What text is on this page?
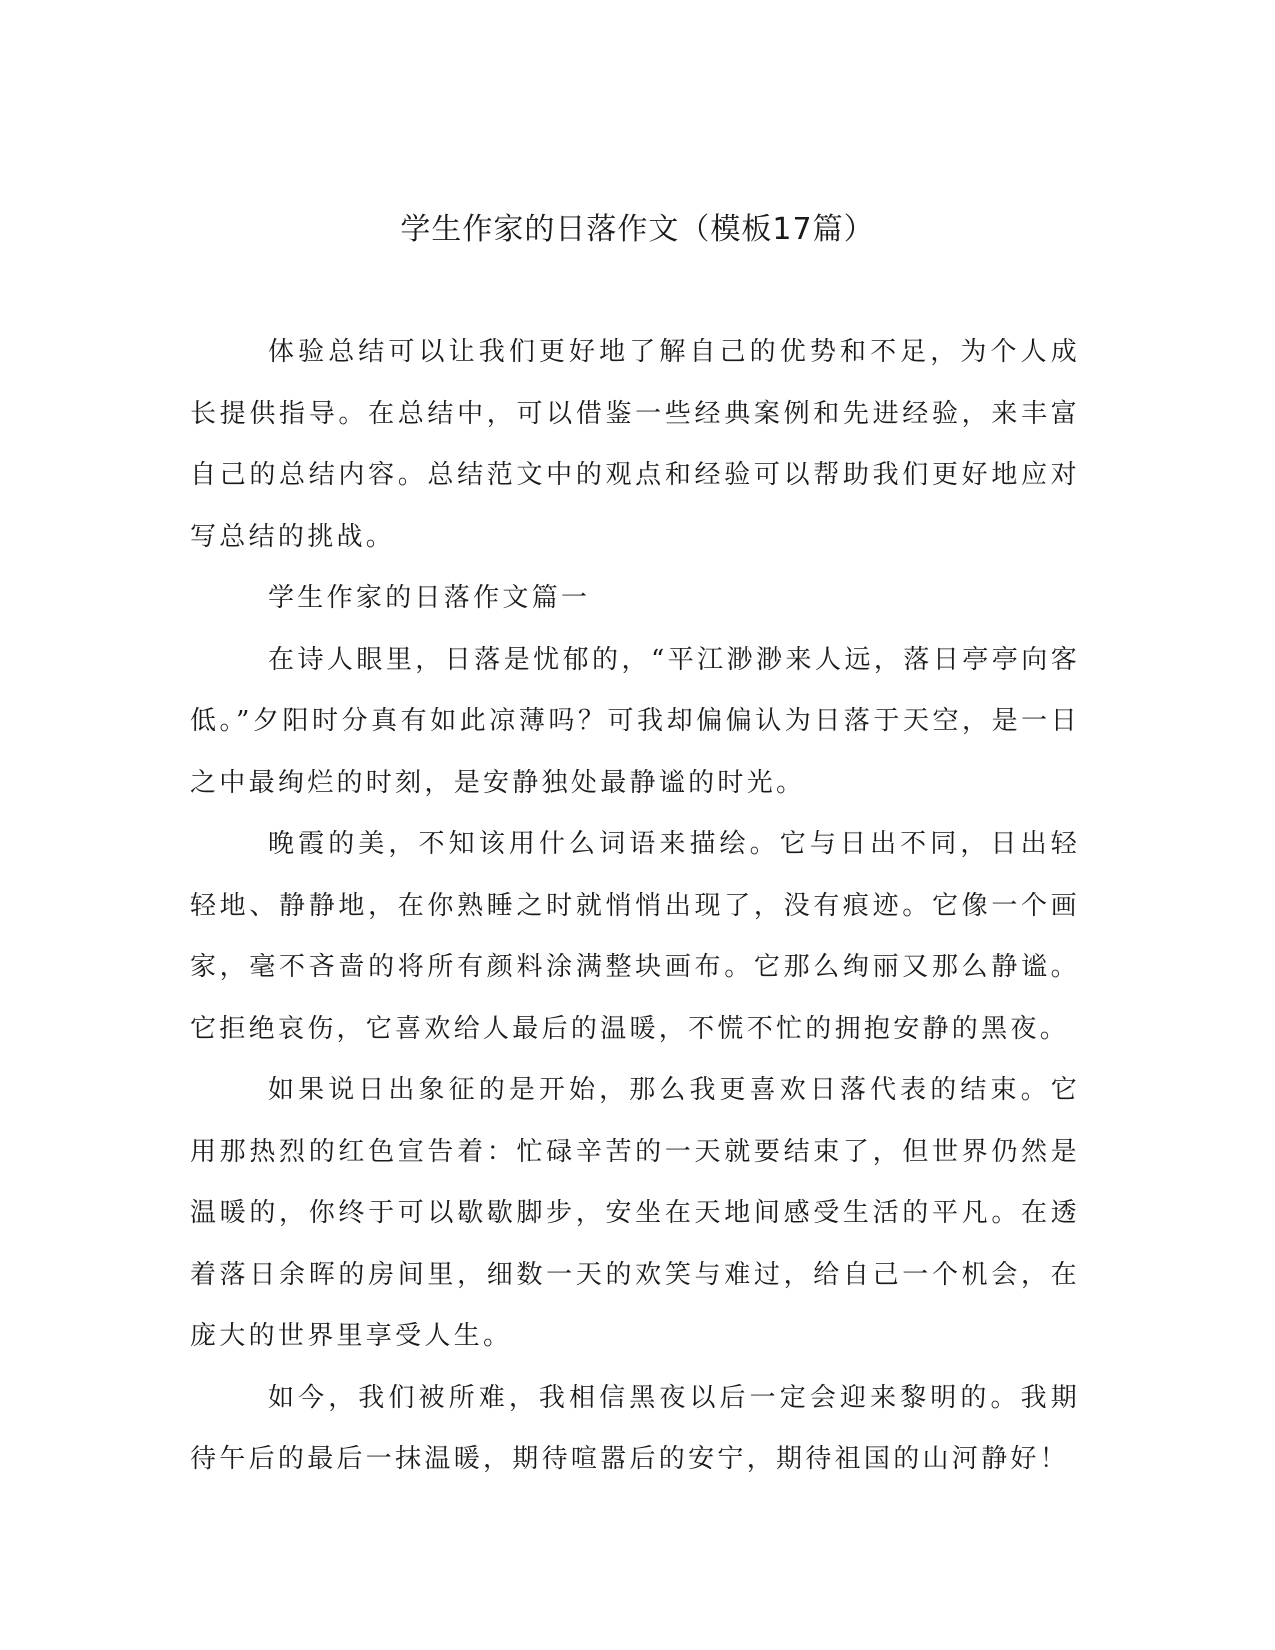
学生作家的日落作文（模板17篇）

体验总结可以让我们更好地了解自己的优势和不足，为个人成长提供指导。在总结中，可以借鉴一些经典案例和先进经验，来丰富自己的总结内容。总结范文中的观点和经验可以帮助我们更好地应对写总结的挑战。

学生作家的日落作文篇一

在诗人眼里，日落是忧郁的，“平江渺渺来人远，落日亭亭向客低。”夕阳时分真有如此凉薄吗？可我却偏偏认为日落于天空，是一日之中最绚烂的时刻，是安静独处最静谧的时光。

晚霞的美，不知该用什么词语来描绘。它与日出不同，日出轻轻地、静静地，在你熟睡之时就悄悄出现了，没有痕迹。它像一个画家，毫不吝啬的将所有颜料涂满整块画布。它那么绚丽又那么静谧。它拒绝哀伤，它喜欢给人最后的温暖，不慌不忙的拥抱安静的黑夜。

如果说日出象征的是开始，那么我更喜欢日落代表的结束。它用那热烈的红色宣告着：忙碌辛苦的一天就要结束了，但世界仍然是温暖的，你终于可以歇歇脚步，安坐在天地间感受生活的平凡。在透着落日余晖的房间里，细数一天的欢笑与难过，给自己一个机会，在庞大的世界里享受人生。

如今，我们被所难，我相信黑夜以后一定会迎来黎明的。我期待午后的最后一抹温暖，期待喧嚣后的安宁，期待祖国的山河静好！
